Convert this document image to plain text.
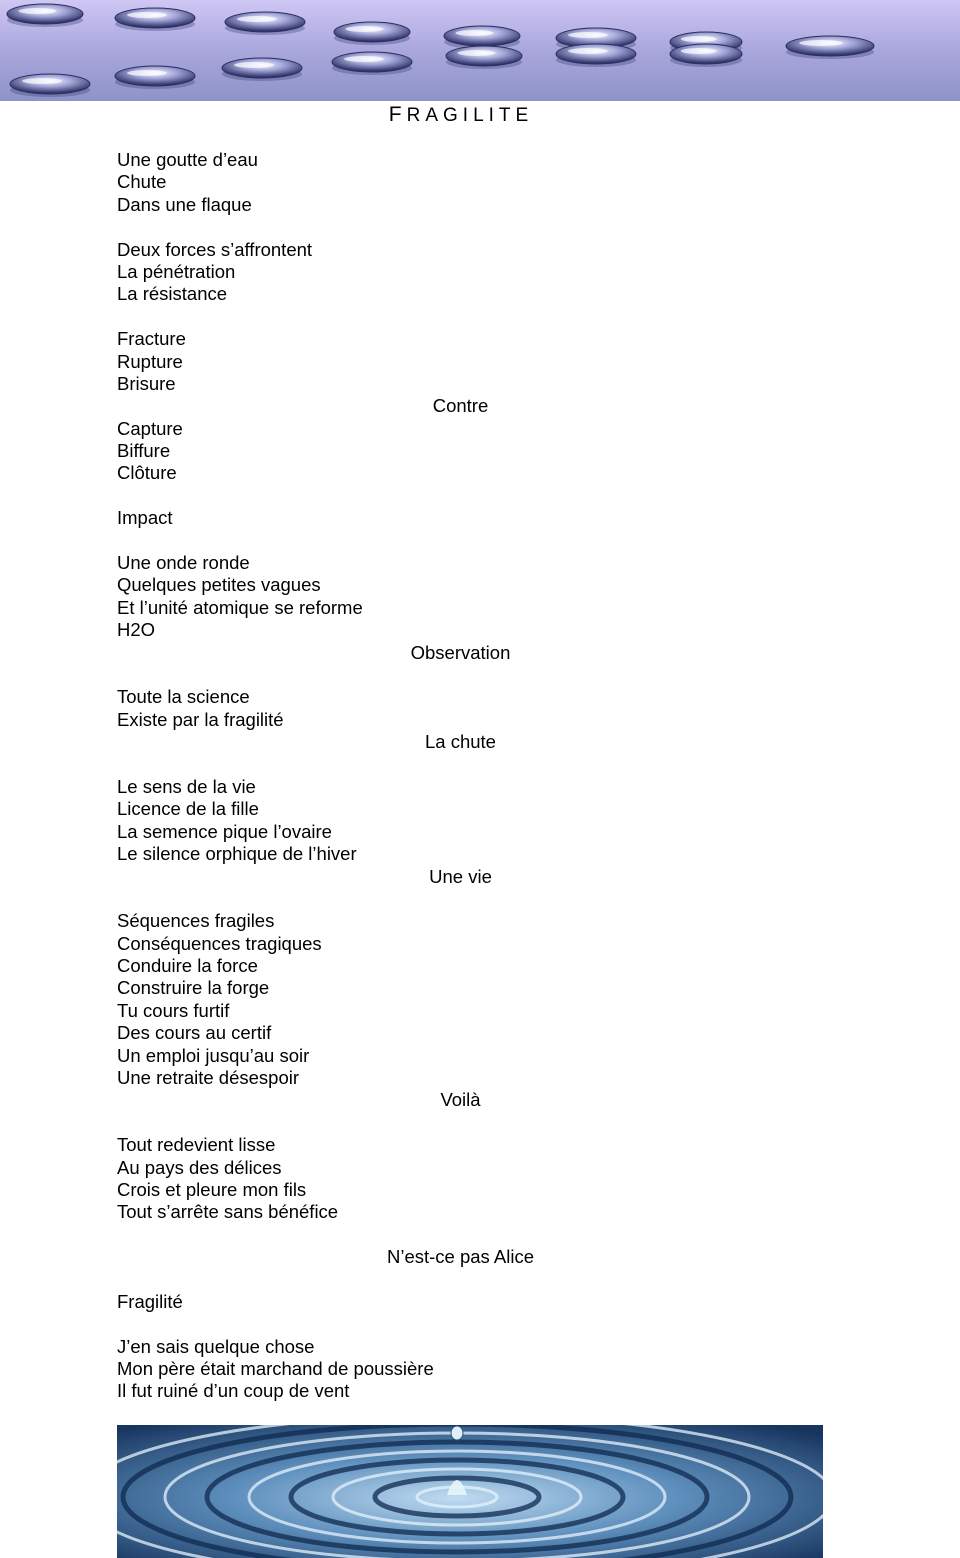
FRAGILITE
Une goutte d’eau
Chute
Dans une flaque
Deux forces s’affrontent
La pénétration
La résistance
Fracture
Rupture
Brisure
Contre
Capture
Biffure
Clôture
Impact
Une onde ronde
Quelques petites vagues
Et l’unité atomique se reforme
H2O
Observation
Toute la science
Existe par la fragilité
La chute
Le sens de la vie
Licence de la fille
La semence pique l’ovaire
Le silence orphique de l’hiver
Une vie
Séquences fragiles
Conséquences tragiques
Conduire la force
Construire la forge
Tu cours furtif
Des cours au certif
Un emploi jusqu’au soir
Une retraite désespoir
Voilà
Tout redevient lisse
Au pays des délices
Crois et pleure mon fils
Tout s’arrête sans bénéfice
N’est-ce pas Alice
Fragilité
J’en sais quelque chose
Mon père était marchand de poussière
Il fut ruiné d’un coup de vent
